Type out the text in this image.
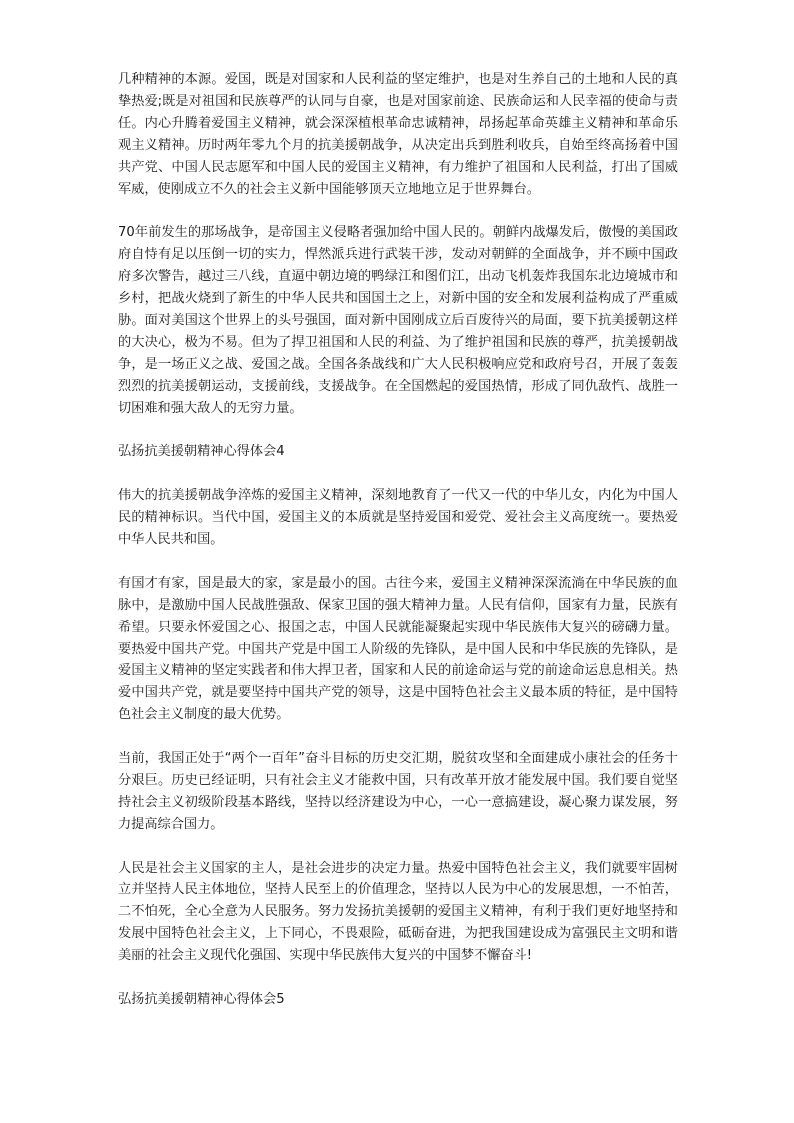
几种精神的本源。爱国，既是对国家和人民利益的坚定维护，也是对生养自己的土地和人民的真挚热爱;既是对祖国和民族尊严的认同与自豪，也是对国家前途、民族命运和人民幸福的使命与责任。内心升腾着爱国主义精神，就会深深植根革命忠诚精神，昂扬起革命英雄主义精神和革命乐观主义精神。历时两年零九个月的抗美援朝战争，从决定出兵到胜利收兵，自始至终高扬着中国共产党、中国人民志愿军和中国人民的爱国主义精神，有力维护了祖国和人民利益，打出了国威军威，使刚成立不久的社会主义新中国能够顶天立地地立足于世界舞台。

70年前发生的那场战争，是帝国主义侵略者强加给中国人民的。朝鲜内战爆发后，傲慢的美国政府自恃有足以压倒一切的实力，悍然派兵进行武装干涉，发动对朝鲜的全面战争，并不顾中国政府多次警告，越过三八线，直逼中朝边境的鸭绿江和图们江，出动飞机轰炸我国东北边境城市和乡村，把战火烧到了新生的中华人民共和国国土之上，对新中国的安全和发展利益构成了严重威胁。面对美国这个世界上的头号强国，面对新中国刚成立后百废待兴的局面，要下抗美援朝这样的大决心，极为不易。但为了捍卫祖国和人民的利益、为了维护祖国和民族的尊严，抗美援朝战争，是一场正义之战、爱国之战。全国各条战线和广大人民积极响应党和政府号召，开展了轰轰烈烈的抗美援朝运动，支援前线，支援战争。在全国燃起的爱国热情，形成了同仇敌忾、战胜一切困难和强大敌人的无穷力量。

弘扬抗美援朝精神心得体会4

伟大的抗美援朝战争淬炼的爱国主义精神，深刻地教育了一代又一代的中华儿女，内化为中国人民的精神标识。当代中国，爱国主义的本质就是坚持爱国和爱党、爱社会主义高度统一。要热爱中华人民共和国。

有国才有家，国是最大的家，家是最小的国。古往今来，爱国主义精神深深流淌在中华民族的血脉中，是激励中国人民战胜强敌、保家卫国的强大精神力量。人民有信仰，国家有力量，民族有希望。只要永怀爱国之心、报国之志，中国人民就能凝聚起实现中华民族伟大复兴的磅礴力量。要热爱中国共产党。中国共产党是中国工人阶级的先锋队，是中国人民和中华民族的先锋队，是爱国主义精神的坚定实践者和伟大捍卫者，国家和人民的前途命运与党的前途命运息息相关。热爱中国共产党，就是要坚持中国共产党的领导，这是中国特色社会主义最本质的特征，是中国特色社会主义制度的最大优势。

当前，我国正处于“两个一百年”奋斗目标的历史交汇期，脱贫攻坚和全面建成小康社会的任务十分艰巨。历史已经证明，只有社会主义才能救中国，只有改革开放才能发展中国。我们要自觉坚持社会主义初级阶段基本路线，坚持以经济建设为中心，一心一意搞建设，凝心聚力谋发展，努力提高综合国力。

人民是社会主义国家的主人，是社会进步的决定力量。热爱中国特色社会主义，我们就要牢固树立并坚持人民主体地位，坚持人民至上的价值理念，坚持以人民为中心的发展思想，一不怕苦，二不怕死，全心全意为人民服务。努力发扬抗美援朝的爱国主义精神，有利于我们更好地坚持和发展中国特色社会主义，上下同心，不畏艰险，砥砺奋进，为把我国建设成为富强民主文明和谐美丽的社会主义现代化强国、实现中华民族伟大复兴的中国梦不懈奋斗!

弘扬抗美援朝精神心得体会5
